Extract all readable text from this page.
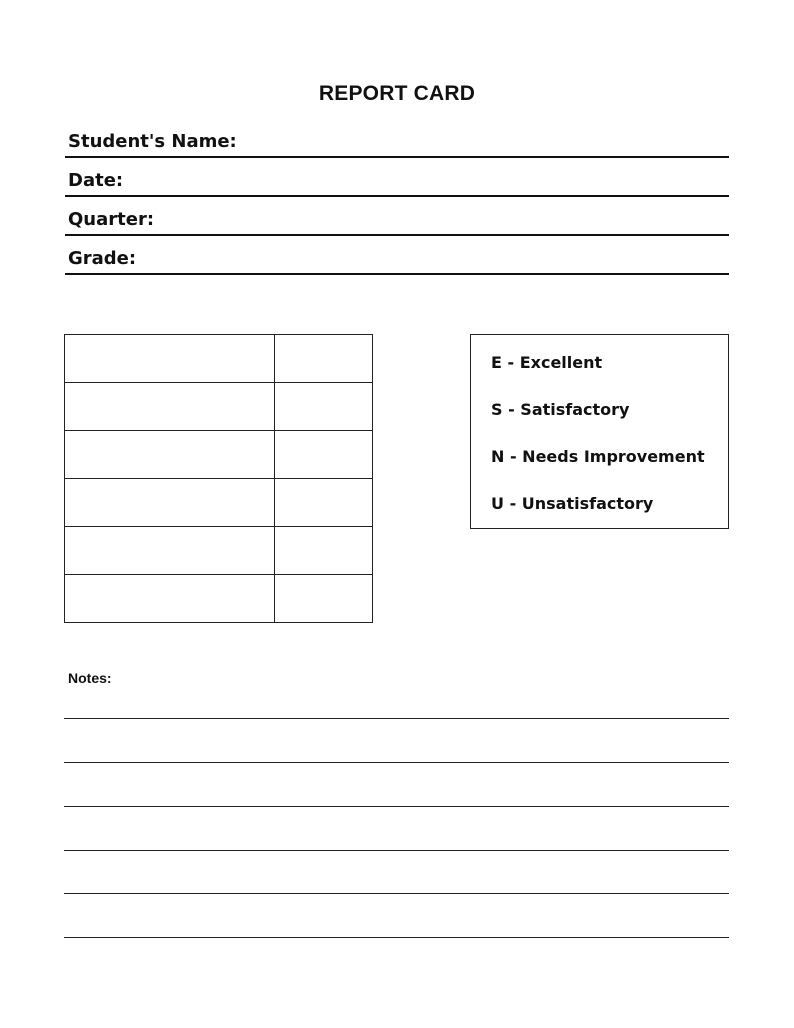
REPORT CARD
Student's Name:
Date:
Quarter:
Grade:

E - Excellent
S - Satisfactory
N - Needs Improvement
U - Unsatisfactory
Notes:
